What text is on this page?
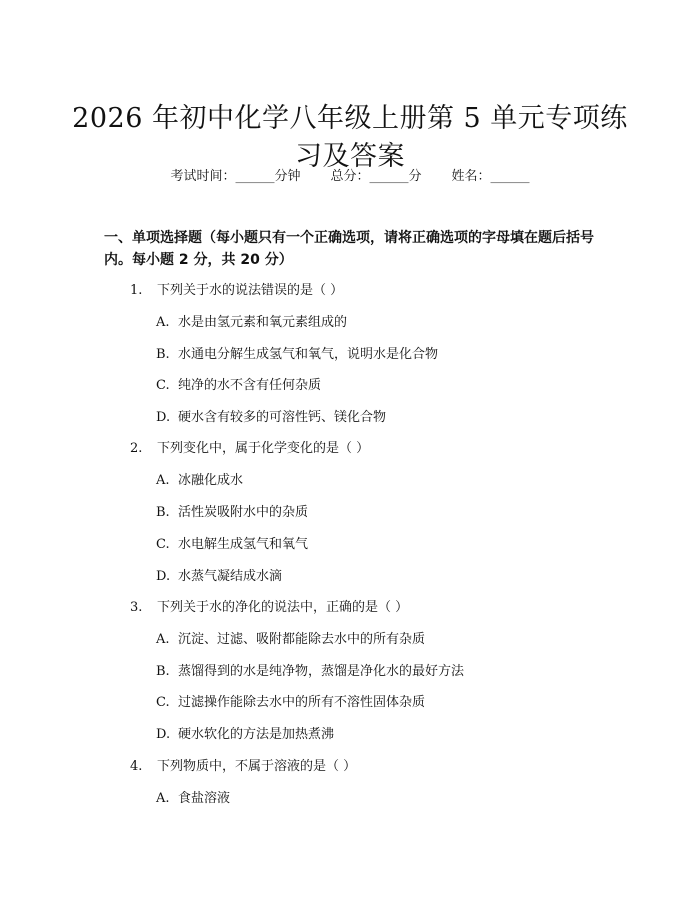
2026 年初中化学八年级上册第 5 单元专项练
习及答案
考试时间：______分钟 总分：______分 姓名：______
一、单项选择题（每小题只有一个正确选项，请将正确选项的字母填在题后括号
内。每小题 2 分，共 20 分）
1. 下列关于水的说法错误的是（ ）
A. 水是由氢元素和氧元素组成的
B. 水通电分解生成氢气和氧气，说明水是化合物
C. 纯净的水不含有任何杂质
D. 硬水含有较多的可溶性钙、镁化合物
2. 下列变化中，属于化学变化的是（ ）
A. 冰融化成水
B. 活性炭吸附水中的杂质
C. 水电解生成氢气和氧气
D. 水蒸气凝结成水滴
3. 下列关于水的净化的说法中，正确的是（ ）
A. 沉淀、过滤、吸附都能除去水中的所有杂质
B. 蒸馏得到的水是纯净物，蒸馏是净化水的最好方法
C. 过滤操作能除去水中的所有不溶性固体杂质
D. 硬水软化的方法是加热煮沸
4. 下列物质中，不属于溶液的是（ ）
A. 食盐溶液
